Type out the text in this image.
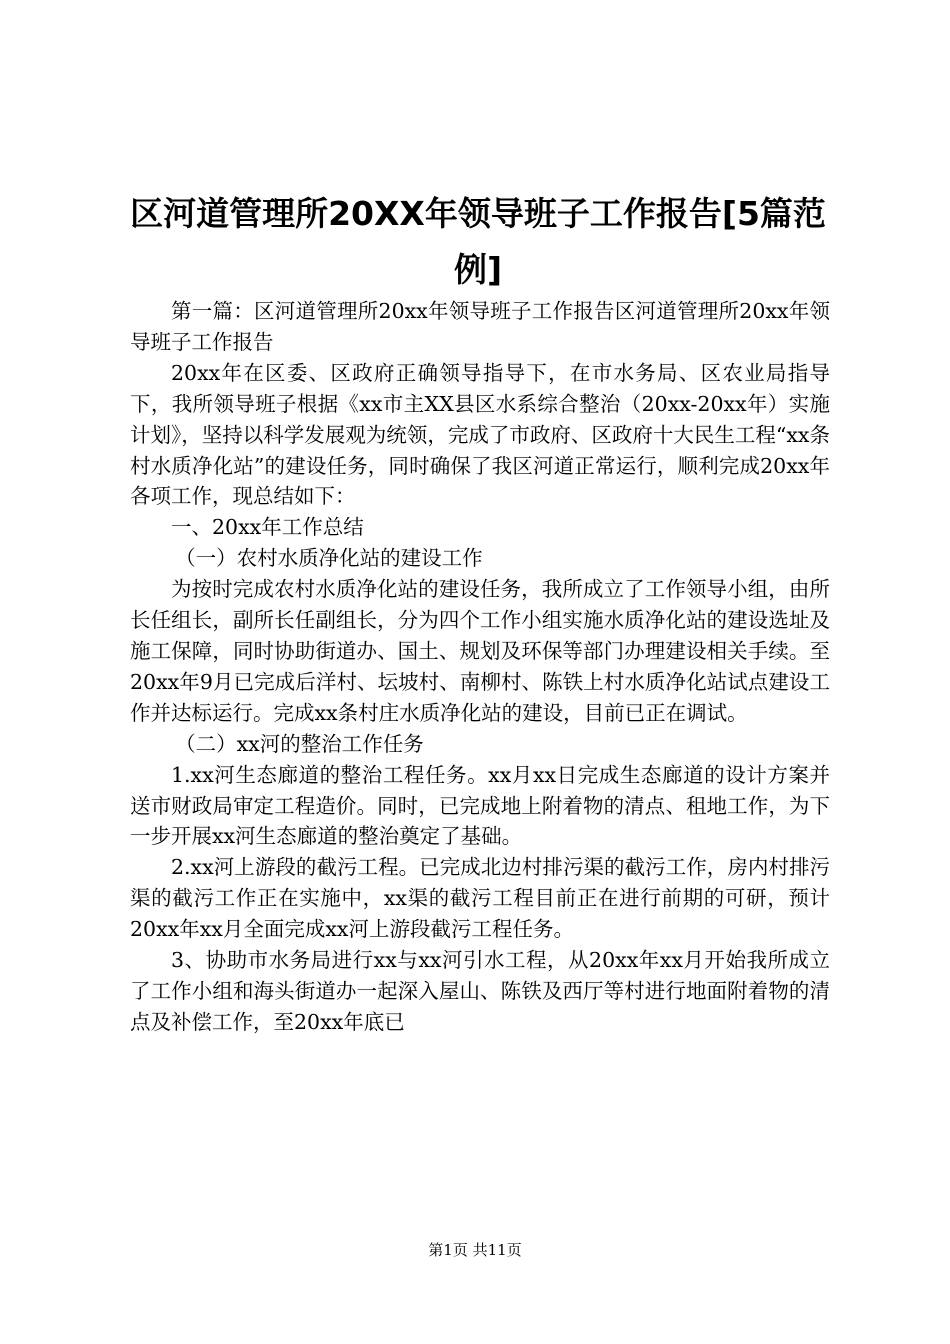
区河道管理所20XX年领导班子工作报告[5篇范例]

第一篇：区河道管理所20xx年领导班子工作报告区河道管理所20xx年领导班子工作报告

20xx年在区委、区政府正确领导指导下，在市水务局、区农业局指导下，我所领导班子根据《xx市主XX县区水系综合整治（20xx-20xx年）实施计划》，坚持以科学发展观为统领，完成了市政府、区政府十大民生工程“xx条村水质净化站”的建设任务，同时确保了我区河道正常运行，顺利完成20xx年各项工作，现总结如下：

一、20xx年工作总结

（一）农村水质净化站的建设工作

为按时完成农村水质净化站的建设任务，我所成立了工作领导小组，由所长任组长，副所长任副组长，分为四个工作小组实施水质净化站的建设选址及施工保障，同时协助街道办、国土、规划及环保等部门办理建设相关手续。至20xx年9月已完成后洋村、坛坡村、南柳村、陈铁上村水质净化站试点建设工作并达标运行。完成xx条村庄水质净化站的建设，目前已正在调试。

（二）xx河的整治工作任务

1.xx河生态廊道的整治工程任务。xx月xx日完成生态廊道的设计方案并送市财政局审定工程造价。同时，已完成地上附着物的清点、租地工作，为下一步开展xx河生态廊道的整治奠定了基础。

2.xx河上游段的截污工程。已完成北边村排污渠的截污工作，房内村排污渠的截污工作正在实施中，xx渠的截污工程目前正在进行前期的可研，预计20xx年xx月全面完成xx河上游段截污工程任务。

3、协助市水务局进行xx与xx河引水工程，从20xx年xx月开始我所成立了工作小组和海头街道办一起深入屋山、陈铁及西厅等村进行地面附着物的清点及补偿工作，至20xx年底已

第1页 共11页
